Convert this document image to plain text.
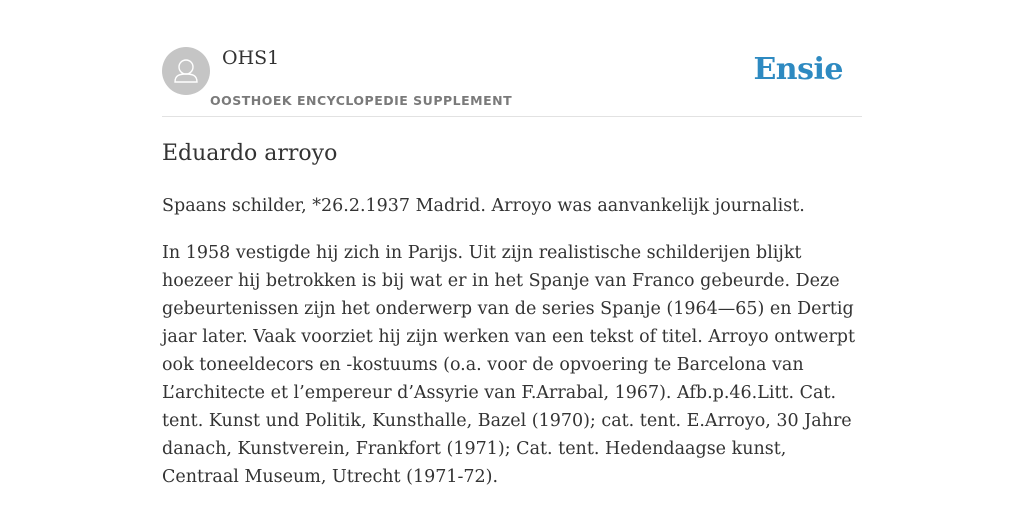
OHS1
OOSTHOEK ENCYCLOPEDIE SUPPLEMENT
Ensie
Eduardo arroyo

Spaans schilder, *26.2.1937 Madrid. Arroyo was aanvankelijk journalist.

In 1958 vestigde hij zich in Parijs. Uit zijn realistische schilderijen blijkt hoezeer hij betrokken is bij wat er in het Spanje van Franco gebeurde. Deze gebeurtenissen zijn het onderwerp van de series Spanje (1964—65) en Dertig jaar later. Vaak voorziet hij zijn werken van een tekst of titel. Arroyo ontwerpt ook toneeldecors en -kostuums (o.a. voor de opvoering te Barcelona van L’architecte et l’empereur d’Assyrie van F.Arrabal, 1967). Afb.p.46.Litt. Cat. tent. Kunst und Politik, Kunsthalle, Bazel (1970); cat. tent. E.Arroyo, 30 Jahre danach, Kunstverein, Frankfort (1971); Cat. tent. Hedendaagse kunst, Centraal Museum, Utrecht (1971-72).
